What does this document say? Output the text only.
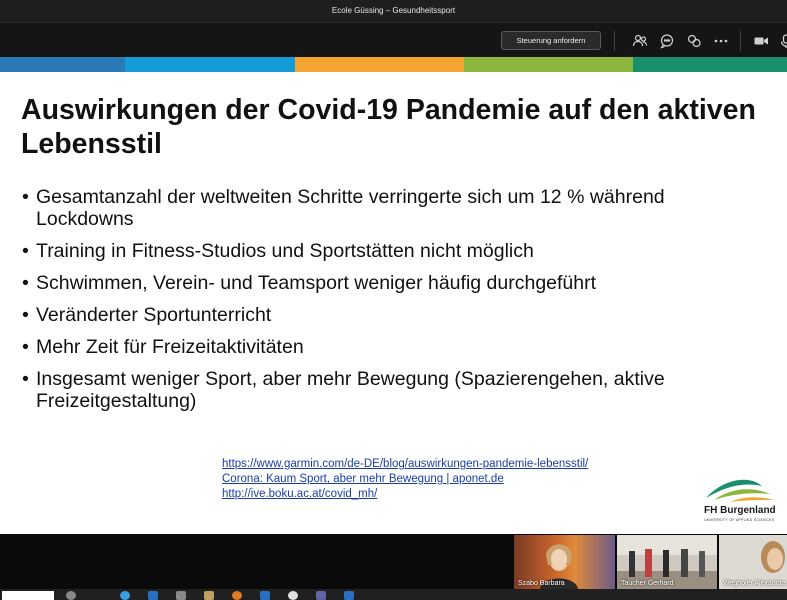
Ecole Güssing – Gesundheitssport
Steuerung anfordern
Auswirkungen der Covid-19 Pandemie auf den aktiven Lebensstil
• Gesamtanzahl der weltweiten Schritte verringerte sich um 12 % während Lockdowns
• Training in Fitness-Studios und Sportstätten nicht möglich
• Schwimmen, Verein- und Teamsport weniger häufig durchgeführt
• Veränderter Sportunterricht
• Mehr Zeit für Freizeitaktivitäten
• Insgesamt weniger Sport, aber mehr Bewegung (Spazierengehen, aktive Freizeitgestaltung)
https://www.garmin.com/de-DE/blog/auswirkungen-pandemie-lebensstil/
Corona: Kaum Sport, aber mehr Bewegung | aponet.de
http://ive.boku.ac.at/covid_mh/
FH Burgenland
UNIVERSITY OF APPLIED SCIENCES
Szabo Barbara	Taucher Gerhard	Wegholer Alexandra
